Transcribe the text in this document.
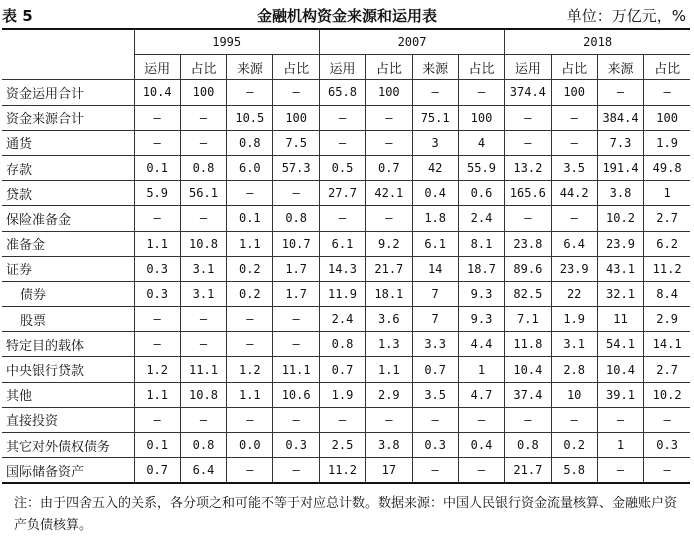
表 5	金融机构资金来源和运用表	单位：万亿元，%
	1995				2007				2018			
	运用	占比	来源	占比	运用	占比	来源	占比	运用	占比	来源	占比
资金运用合计	10.4	100	–	–	65.8	100	–	–	374.4	100	–	–
资金来源合计	–	–	10.5	100	–	–	75.1	100	–	–	384.4	100
通货	–	–	0.8	7.5	–	–	3	4	–	–	7.3	1.9
存款	0.1	0.8	6.0	57.3	0.5	0.7	42	55.9	13.2	3.5	191.4	49.8
贷款	5.9	56.1	–	–	27.7	42.1	0.4	0.6	165.6	44.2	3.8	1
保险准备金	–	–	0.1	0.8	–	–	1.8	2.4	–	–	10.2	2.7
准备金	1.1	10.8	1.1	10.7	6.1	9.2	6.1	8.1	23.8	6.4	23.9	6.2
证券	0.3	3.1	0.2	1.7	14.3	21.7	14	18.7	89.6	23.9	43.1	11.2
债券	0.3	3.1	0.2	1.7	11.9	18.1	7	9.3	82.5	22	32.1	8.4
股票	–	–	–	–	2.4	3.6	7	9.3	7.1	1.9	11	2.9
特定目的载体	–	–	–	–	0.8	1.3	3.3	4.4	11.8	3.1	54.1	14.1
中央银行贷款	1.2	11.1	1.2	11.1	0.7	1.1	0.7	1	10.4	2.8	10.4	2.7
其他	1.1	10.8	1.1	10.6	1.9	2.9	3.5	4.7	37.4	10	39.1	10.2
直接投资	–	–	–	–	–	–	–	–	–	–	–	–
其它对外债权债务	0.1	0.8	0.0	0.3	2.5	3.8	0.3	0.4	0.8	0.2	1	0.3
国际储备资产	0.7	6.4	–	–	11.2	17	–	–	21.7	5.8	–	–
注：由于四舍五入的关系，各分项之和可能不等于对应总计数。数据来源：中国人民银行资金流量核算、金融账户资产负债核算。
